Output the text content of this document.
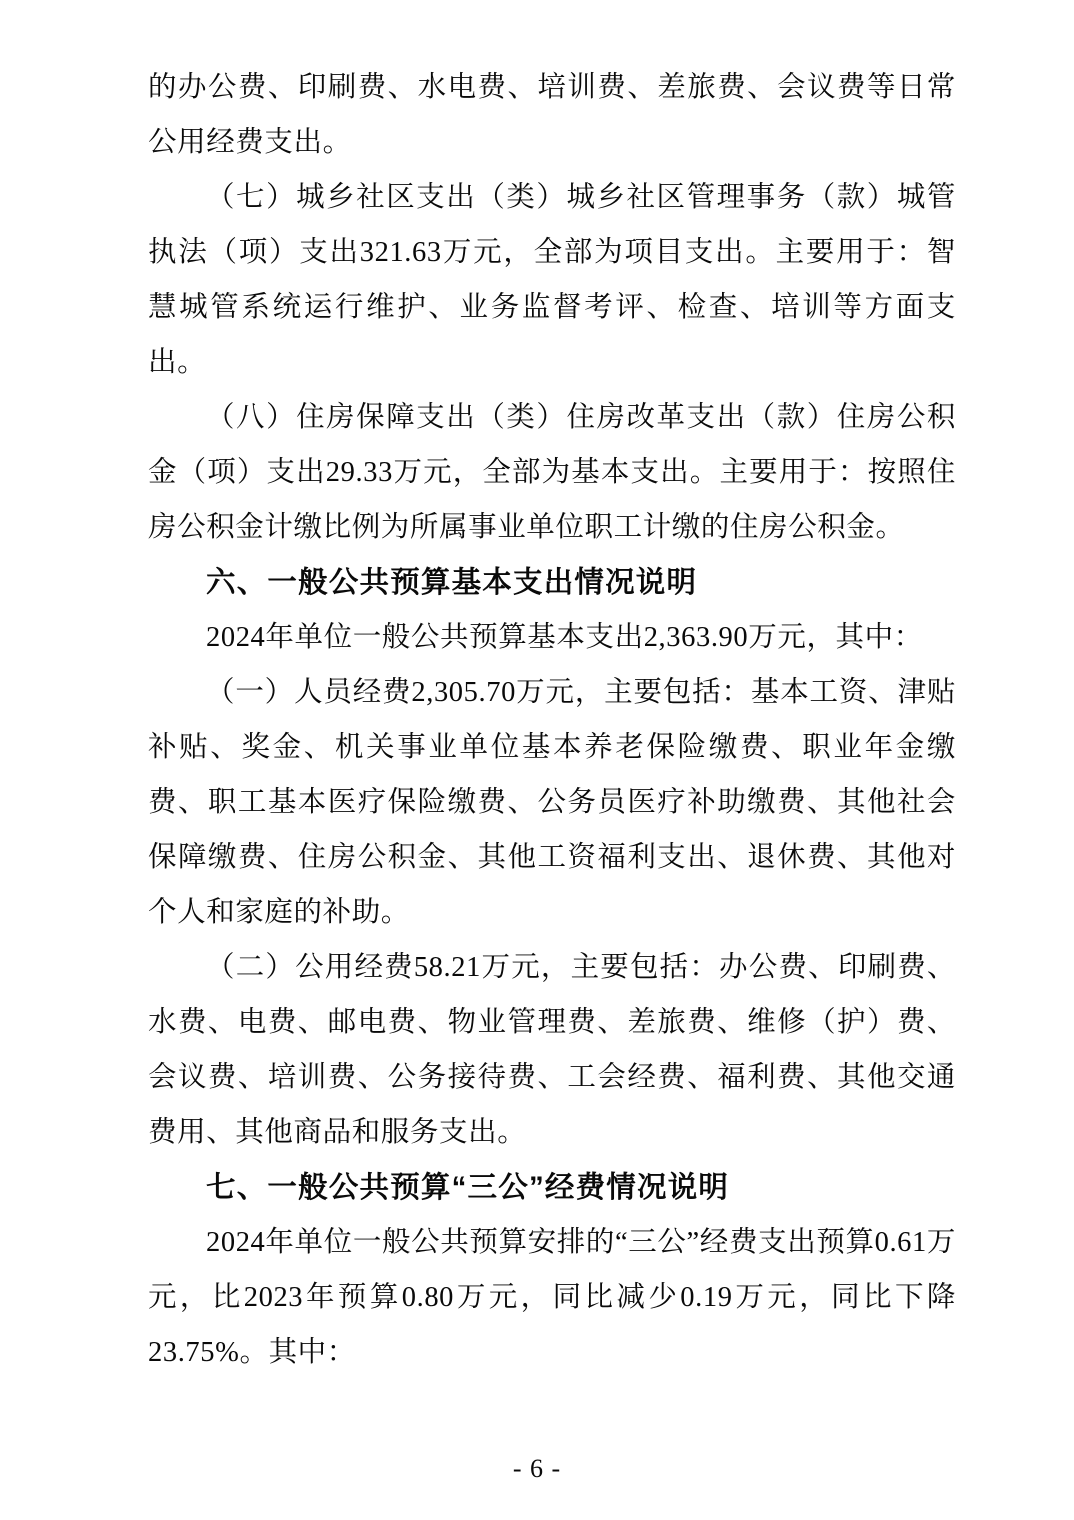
的办公费、印刷费、水电费、培训费、差旅费、会议费等日常公用经费支出。

（七）城乡社区支出（类）城乡社区管理事务（款）城管执法（项）支出321.63万元，全部为项目支出。主要用于：智慧城管系统运行维护、业务监督考评、检查、培训等方面支出。

（八）住房保障支出（类）住房改革支出（款）住房公积金（项）支出29.33万元，全部为基本支出。主要用于：按照住房公积金计缴比例为所属事业单位职工计缴的住房公积金。

六、一般公共预算基本支出情况说明

2024年单位一般公共预算基本支出2,363.90万元，其中：

（一）人员经费2,305.70万元，主要包括：基本工资、津贴补贴、奖金、机关事业单位基本养老保险缴费、职业年金缴费、职工基本医疗保险缴费、公务员医疗补助缴费、其他社会保障缴费、住房公积金、其他工资福利支出、退休费、其他对个人和家庭的补助。

（二）公用经费58.21万元，主要包括：办公费、印刷费、水费、电费、邮电费、物业管理费、差旅费、维修（护）费、会议费、培训费、公务接待费、工会经费、福利费、其他交通费用、其他商品和服务支出。

七、一般公共预算“三公”经费情况说明

2024年单位一般公共预算安排的“三公”经费支出预算0.61万元，比2023年预算0.80万元，同比减少0.19万元，同比下降23.75%。其中：

- 6 -
